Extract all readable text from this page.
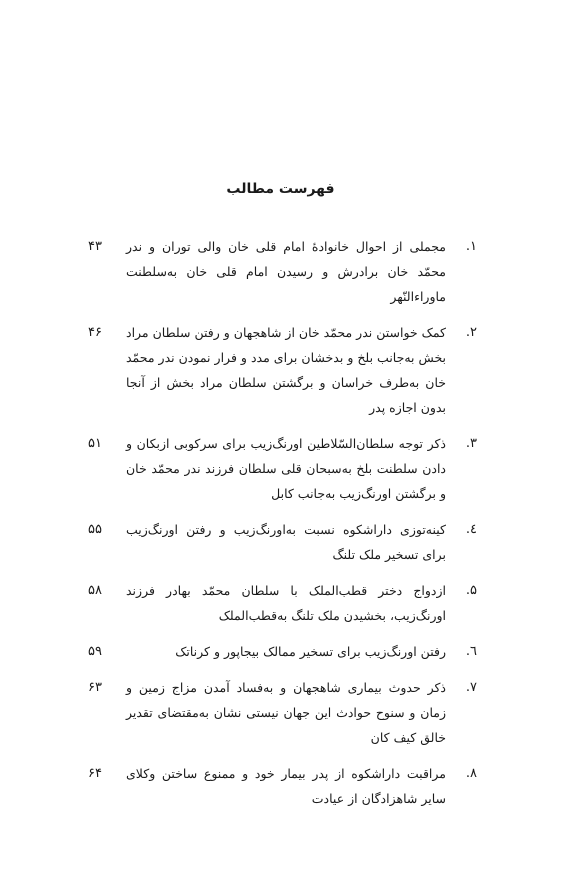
فهرست مطالب
۱.
مجملی از احوال خانوادهٔ امام قلی خان والی توران و ندر محمّد خان برادرش و رسیدن امام قلی خان به‌سلطنت ماوراءالنّهر
۴۳
۲.
کمک خواستن ندر محمّد خان از شاهجهان و رفتن سلطان مراد بخش به‌جانب بلخ و بدخشان برای مدد و فرار نمودن ندر محمّد خان به‌طرف خراسان و برگشتن سلطان مراد بخش از آنجا بدون اجازه پدر
۴۶
۳.
ذکر توجه سلطان‌السّلاطین اورنگ‌زیب برای سرکوبی ازبکان و دادن سلطنت بلخ به‌سبحان قلی سلطان فرزند ندر محمّد خان و برگشتن اورنگ‌زیب به‌جانب کابل
۵۱
٤.
کینه‌توزی داراشکوه نسبت به‌اورنگ‌زیب و رفتن اورنگ‌زیب برای تسخیر ملک تلنگ
۵۵
۵.
ازدواج دختر قطب‌الملک با سلطان محمّد بهادر فرزند اورنگ‌زیب، بخشیدن ملک تلنگ به‌قطب‌الملک
۵۸
٦.
رفتن اورنگ‌زیب برای تسخیر ممالک بیجاپور و کرناتک
۵۹
۷.
ذکر حدوث بیماری شاهجهان و به‌فساد آمدن مزاج زمین و زمان و سنوح حوادث این جهان نیستی نشان به‌مقتضای تقدیر خالق کیف کان
۶۳
۸.
مراقبت داراشکوه از پدر بیمار خود و ممنوع ساختن وکلای سایر شاهزادگان از عیادت
۶۴
